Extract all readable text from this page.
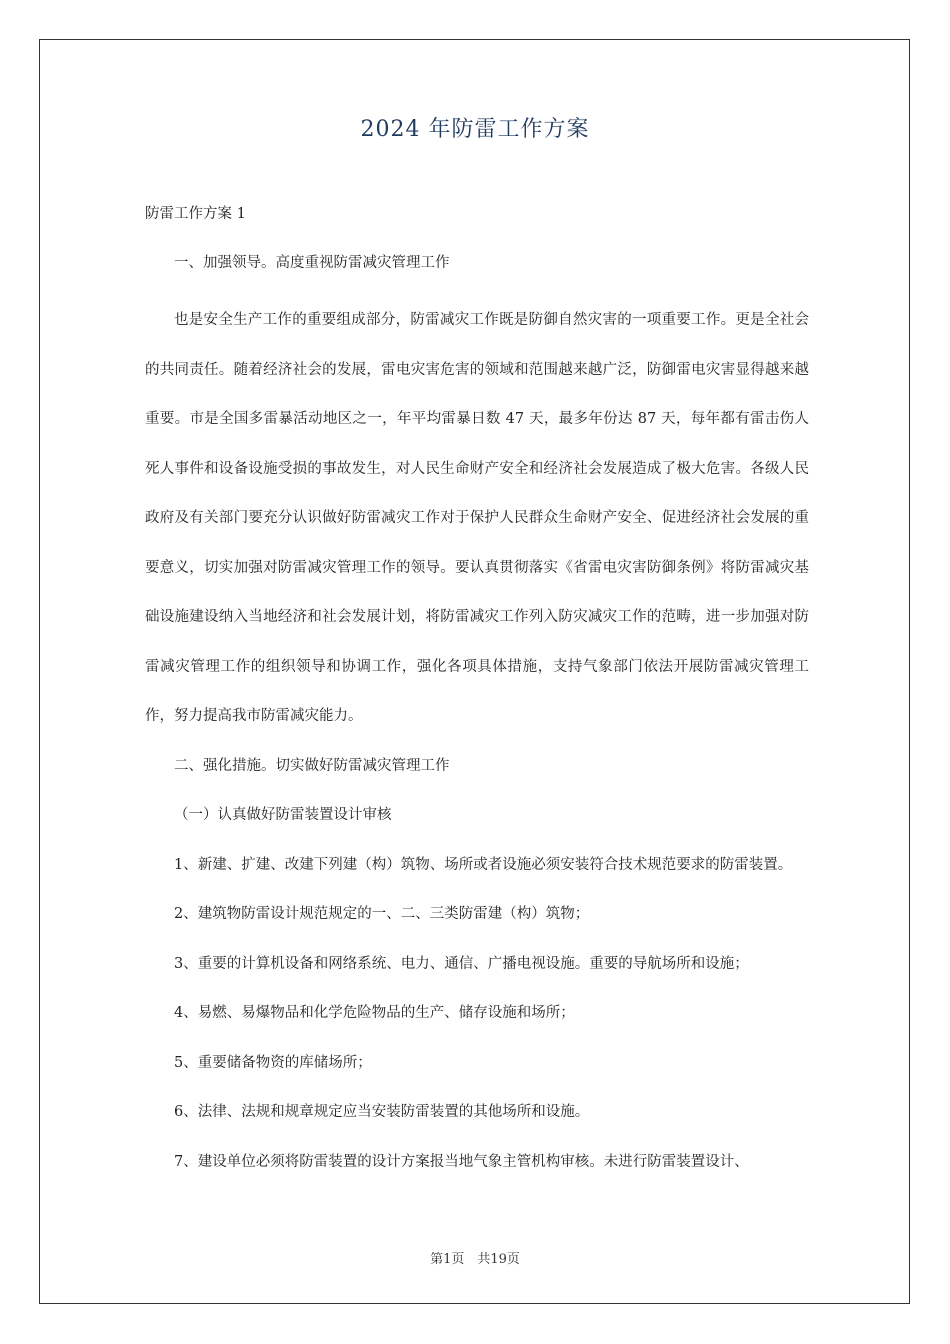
2024 年防雷工作方案
防雷工作方案 1

一、加强领导。高度重视防雷减灾管理工作

也是安全生产工作的重要组成部分，防雷减灾工作既是防御自然灾害的一项重要工作。更是全社会的共同责任。随着经济社会的发展，雷电灾害危害的领域和范围越来越广泛，防御雷电灾害显得越来越重要。市是全国多雷暴活动地区之一，年平均雷暴日数 47 天，最多年份达 87 天，每年都有雷击伤人死人事件和设备设施受损的事故发生，对人民生命财产安全和经济社会发展造成了极大危害。各级人民政府及有关部门要充分认识做好防雷减灾工作对于保护人民群众生命财产安全、促进经济社会发展的重要意义，切实加强对防雷减灾管理工作的领导。要认真贯彻落实《省雷电灾害防御条例》将防雷减灾基础设施建设纳入当地经济和社会发展计划，将防雷减灾工作列入防灾减灾工作的范畴，进一步加强对防雷减灾管理工作的组织领导和协调工作，强化各项具体措施，支持气象部门依法开展防雷减灾管理工作，努力提高我市防雷减灾能力。

二、强化措施。切实做好防雷减灾管理工作

（一）认真做好防雷装置设计审核

1、新建、扩建、改建下列建（构）筑物、场所或者设施必须安装符合技术规范要求的防雷装置。

2、建筑物防雷设计规范规定的一、二、三类防雷建（构）筑物；

3、重要的计算机设备和网络系统、电力、通信、广播电视设施。重要的导航场所和设施；

4、易燃、易爆物品和化学危险物品的生产、储存设施和场所；

5、重要储备物资的库储场所；

6、法律、法规和规章规定应当安装防雷装置的其他场所和设施。

7、建设单位必须将防雷装置的设计方案报当地气象主管机构审核。未进行防雷装置设计、

第1页　共19页
